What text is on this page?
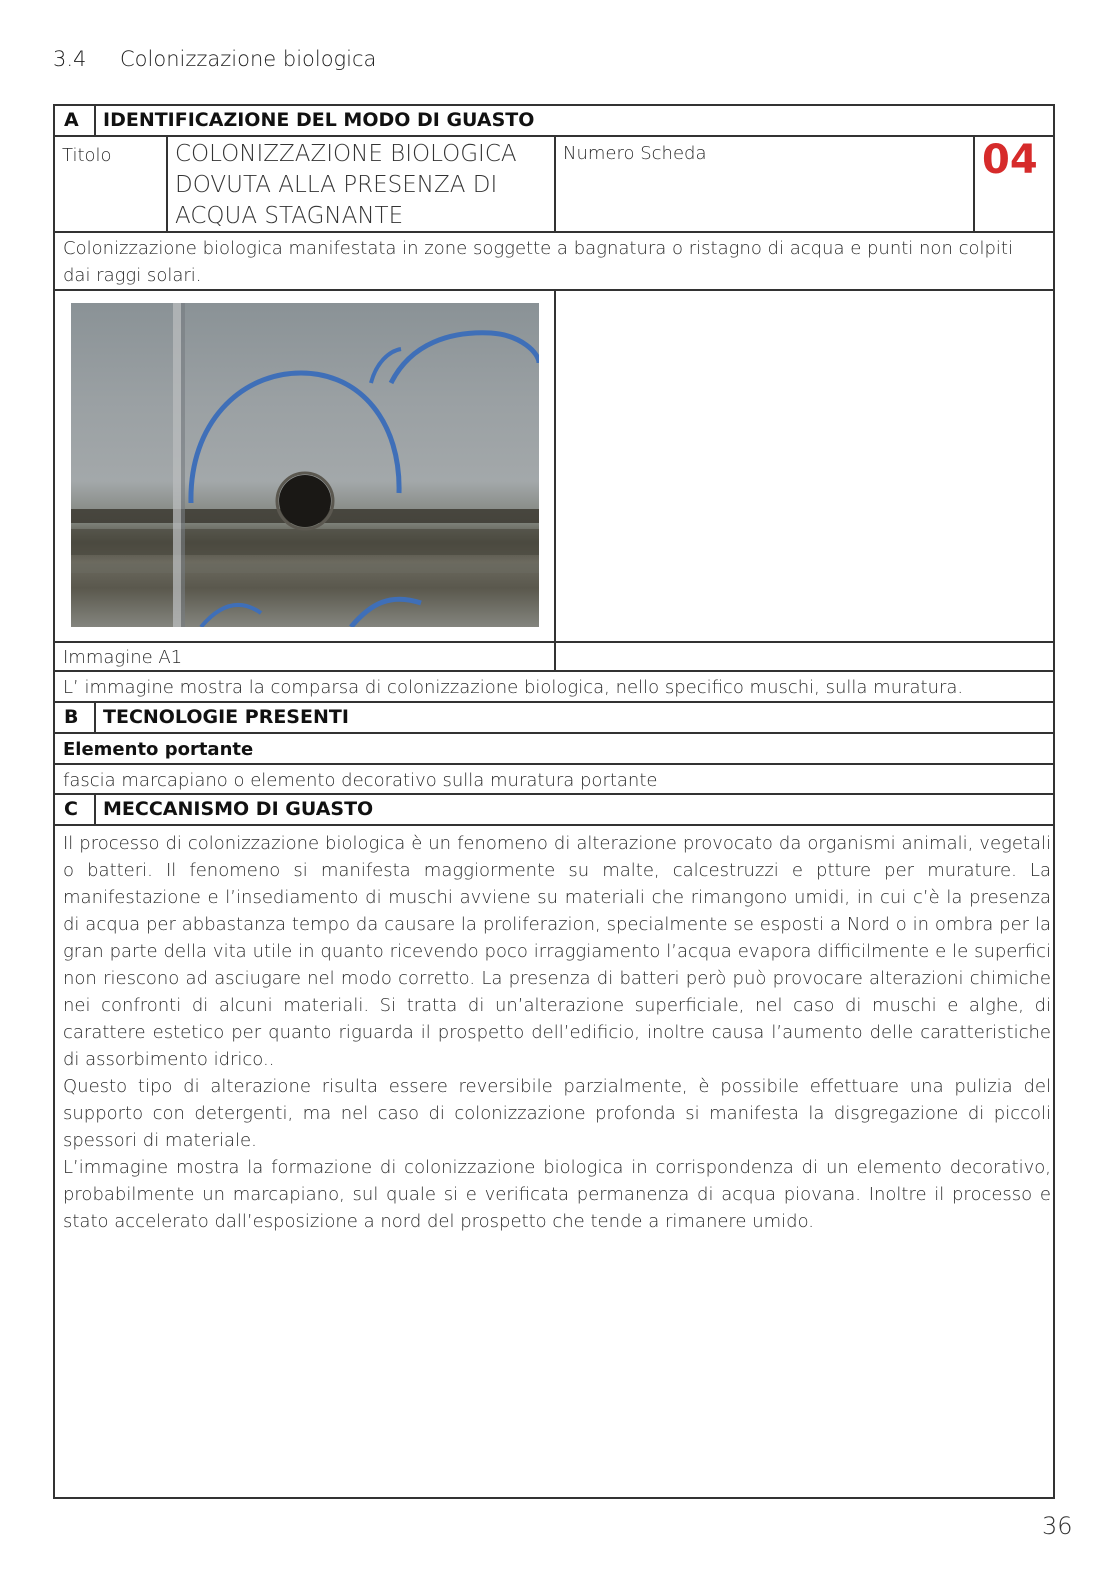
3.4 Colonizzazione biologica
A IDENTIFICAZIONE DEL MODO DI GUASTO
Titolo	COLONIZZAZIONE BIOLOGICA DOVUTA ALLA PRESENZA DI ACQUA STAGNANTE
Numero Scheda	04
Colonizzazione biologica manifestata in zone soggette a bagnatura o ristagno di acqua e punti non colpiti dai raggi solari.
Immagine A1
L’ immagine mostra la comparsa di colonizzazione biologica, nello specifico muschi, sulla muratura.
B TECNOLOGIE PRESENTI
Elemento portante
fascia marcapiano o elemento decorativo sulla muratura portante
C MECCANISMO DI GUASTO

Il processo di colonizzazione biologica è un fenomeno di alterazione provocato da organismi animali, vegetali o batteri. Il fenomeno si manifesta maggiormente su malte, calcestruzzi e ptture per murature. La manifestazione e l’insediamento di muschi avviene su materiali che rimangono umidi, in cui c’è la presenza di acqua per abbastanza tempo da causare la proliferazion, specialmente se esposti a Nord o in ombra per la gran parte della vita utile in quanto ricevendo poco irraggiamento l’acqua evapora difficilmente e le superfici non riescono ad asciugare nel modo corretto. La presenza di batteri però può provocare alterazioni chimiche nei confronti di alcuni materiali. Si tratta di un’alterazione superficiale, nel caso di muschi e alghe, di carattere estetico per quanto riguarda il prospetto dell’edificio, inoltre causa l’aumento delle caratteristiche di assorbimento idrico..

Questo tipo di alterazione risulta essere reversibile parzialmente, è possibile effettuare una pulizia del supporto con detergenti, ma nel caso di colonizzazione profonda si manifesta la disgregazione di piccoli spessori di materiale.

L’immagine mostra la formazione di colonizzazione biologica in corrispondenza di un elemento decorativo, probabilmente un marcapiano, sul quale si e verificata permanenza di acqua piovana. Inoltre il processo e stato accelerato dall’esposizione a nord del prospetto che tende a rimanere umido.

36
